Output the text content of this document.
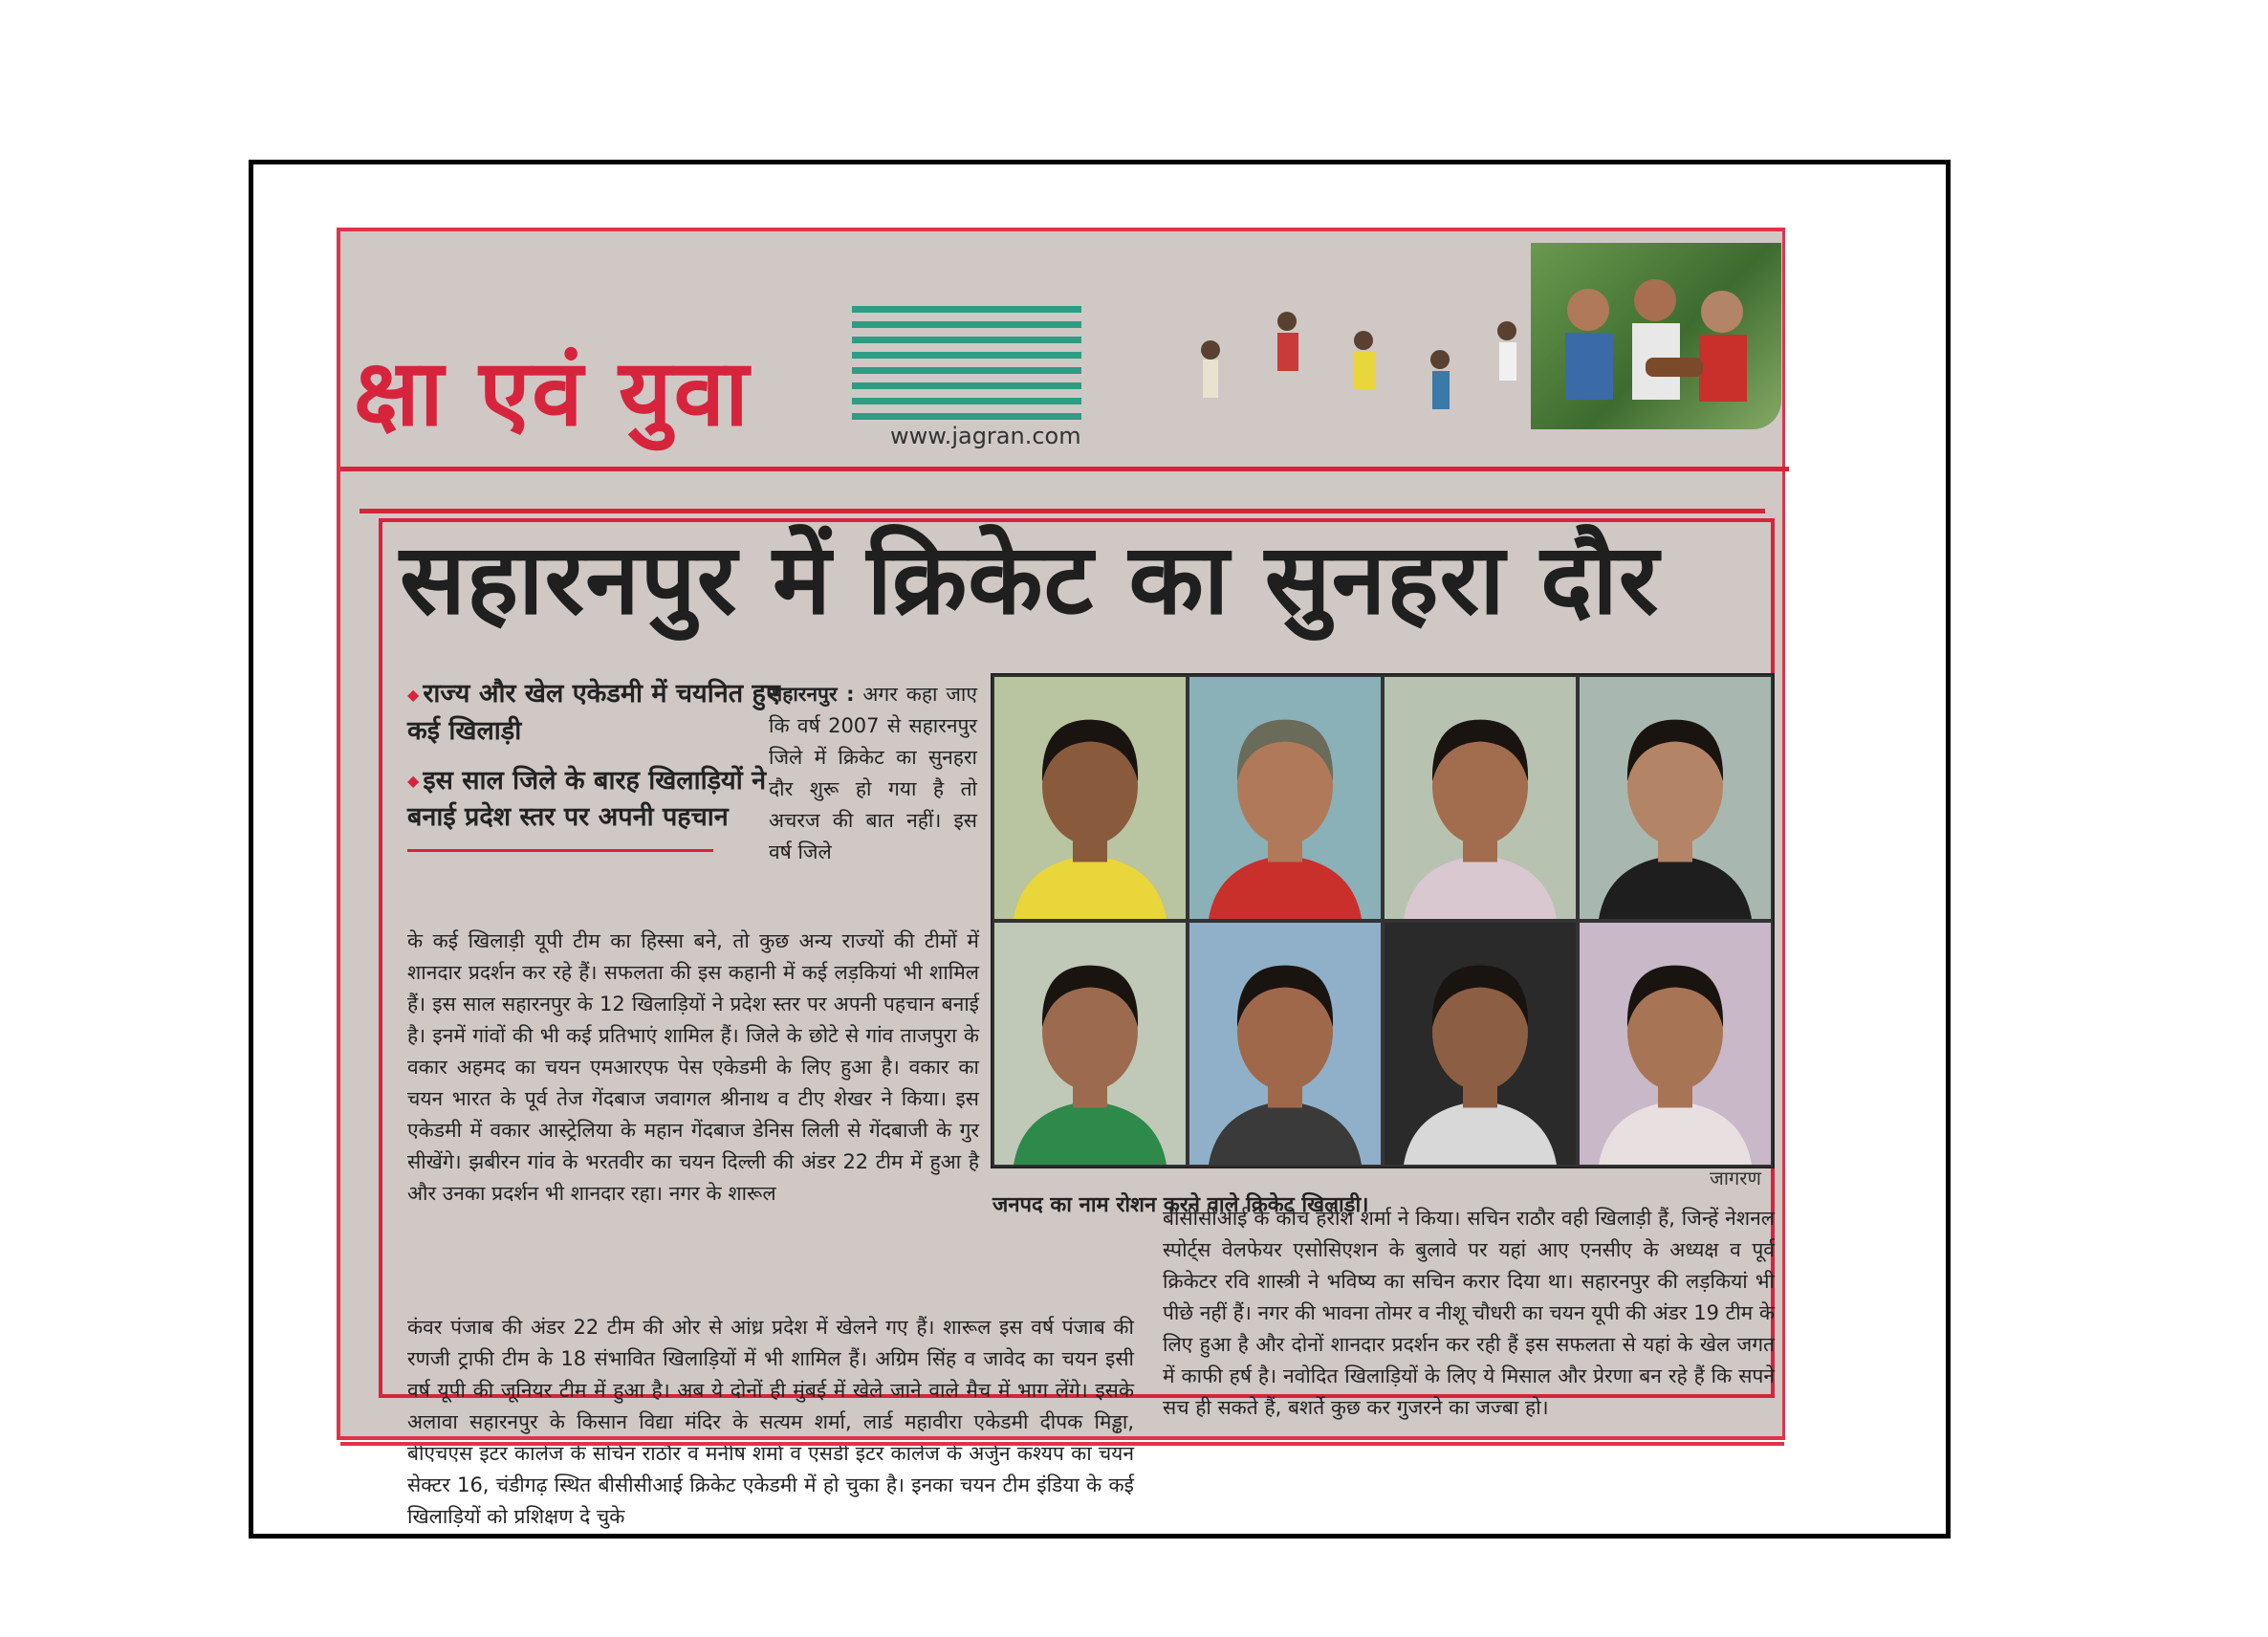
क्षा एवं युवा	www.jagran.com
सहारनपुर में क्रिकेट का सुनहरा दौर
◆ राज्य और खेल एकेडमी में चयनित हुए कई खिलाड़ी
◆ इस साल जिले के बारह खिलाड़ियों ने बनाई प्रदेश स्तर पर अपनी पहचान
सहारनपुर : अगर कहा जाए कि वर्ष 2007 से सहारनपुर जिले में क्रिकेट का सुनहरा दौर शुरू हो गया है तो अचरज की बात नहीं। इस वर्ष जिले
के कई खिलाड़ी यूपी टीम का हिस्सा बने, तो कुछ अन्य राज्यों की टीमों में शानदार प्रदर्शन कर रहे हैं। सफलता की इस कहानी में कई लड़कियां भी शामिल हैं। इस साल सहारनपुर के 12 खिलाड़ियों ने प्रदेश स्तर पर अपनी पहचान बनाई है। इनमें गांवों की भी कई प्रतिभाएं शामिल हैं। जिले के छोटे से गांव ताजपुरा के वकार अहमद का चयन एमआरएफ पेस एकेडमी के लिए हुआ है। वकार का चयन भारत के पूर्व तेज गेंदबाज जवागल श्रीनाथ व टीए शेखर ने किया। इस एकेडमी में वकार आस्ट्रेलिया के महान गेंदबाज डेनिस लिली से गेंदबाजी के गुर सीखेंगे। झबीरन गांव के भरतवीर का चयन दिल्ली की अंडर 22 टीम में हुआ है और उनका प्रदर्शन भी शानदार रहा। नगर के शारूल
कंवर पंजाब की अंडर 22 टीम की ओर से आंध्र प्रदेश में खेलने गए हैं। शारूल इस वर्ष पंजाब की रणजी ट्राफी टीम के 18 संभावित खिलाड़ियों में भी शामिल हैं। अग्रिम सिंह व जावेद का चयन इसी वर्ष यूपी की जूनियर टीम में हुआ है। अब ये दोनों ही मुंबई में खेले जाने वाले मैच में भाग लेंगे। इसके अलावा सहारनपुर के किसान विद्या मंदिर के सत्यम शर्मा, लार्ड महावीरा एकेडमी दीपक मिड्ढा, बीएचएस इंटर कालेज के सचिन राठौर व मनीष शर्मा व एसडी इंटर कालेज के अर्जुन कश्यप का चयन सेक्टर 16, चंडीगढ़ स्थित बीसीसीआई क्रिकेट एकेडमी में हो चुका है। इनका चयन टीम इंडिया के कई खिलाड़ियों को प्रशिक्षण दे चुके
बीसीसीआई के कोच हरीश शर्मा ने किया। सचिन राठौर वही खिलाड़ी हैं, जिन्हें नेशनल स्पोर्ट्स वेलफेयर एसोसिएशन के बुलावे पर यहां आए एनसीए के अध्यक्ष व पूर्व क्रिकेटर रवि शास्त्री ने भविष्य का सचिन करार दिया था। सहारनपुर की लड़कियां भी पीछे नहीं हैं। नगर की भावना तोमर व नीशू चौधरी का चयन यूपी की अंडर 19 टीम के लिए हुआ है और दोनों शानदार प्रदर्शन कर रही हैं इस सफलता से यहां के खेल जगत में काफी हर्ष है। नवोदित खिलाड़ियों के लिए ये मिसाल और प्रेरणा बन रहे हैं कि सपने सच ही सकते हैं, बशर्ते कुछ कर गुजरने का जज्बा हो।
जागरण
जनपद का नाम रोशन करने वाले क्रिकेट खिलाड़ी।
